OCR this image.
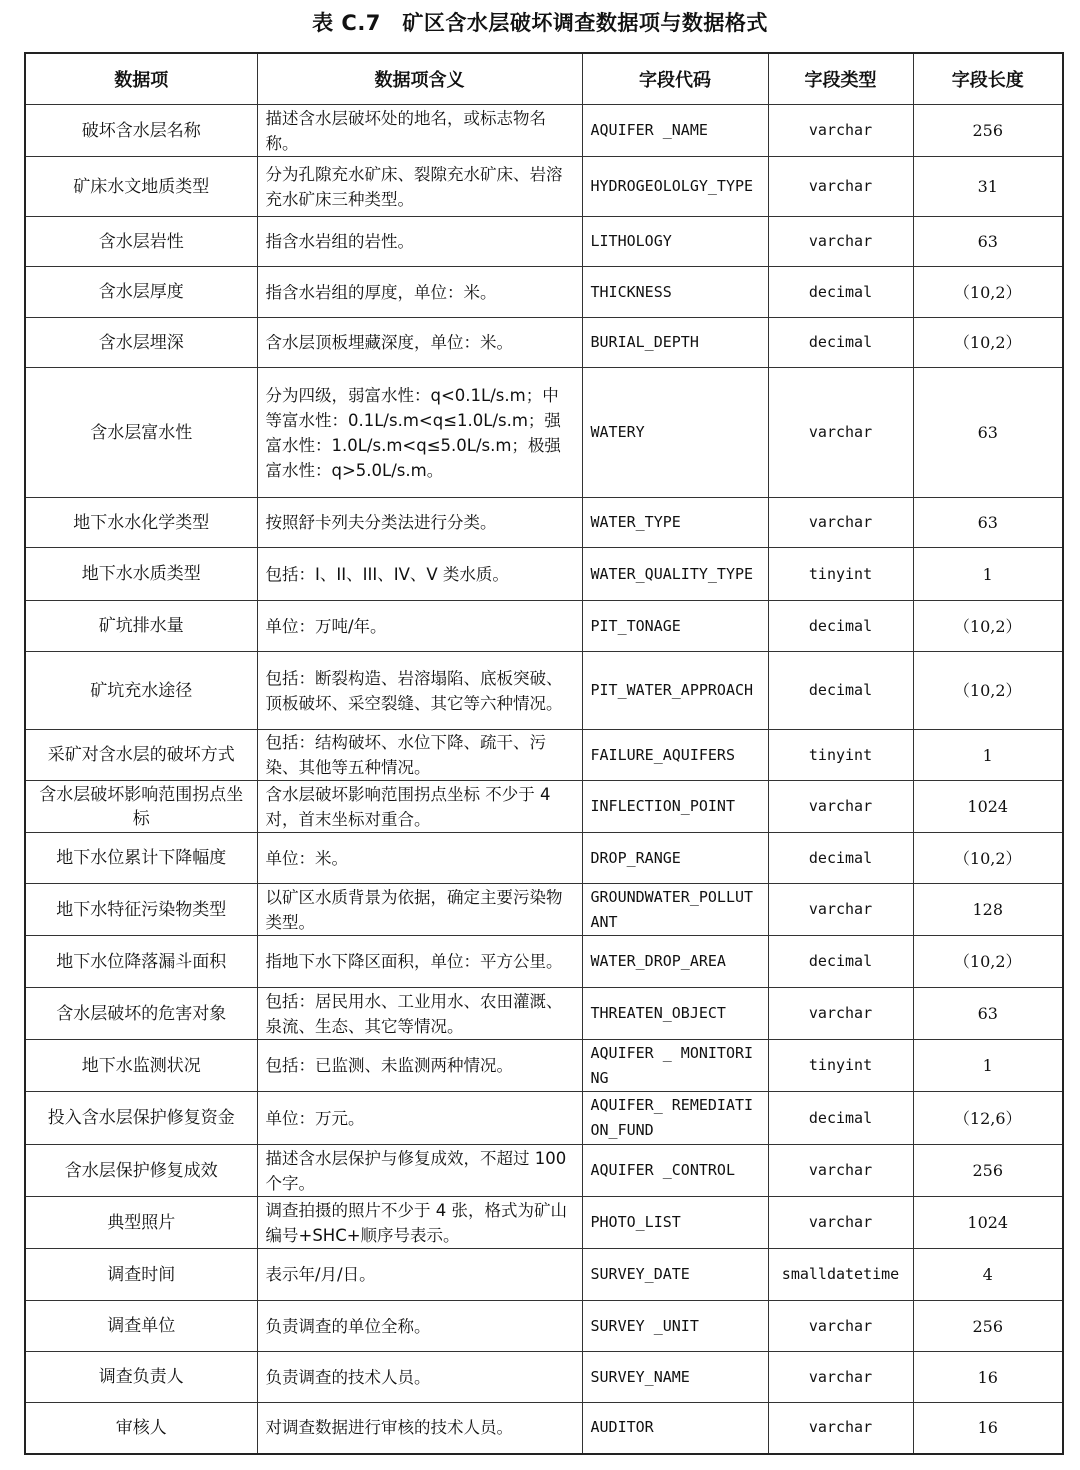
表 C.7　矿区含水层破坏调查数据项与数据格式
数据项	数据项含义	字段代码	字段类型	字段长度
破坏含水层名称	描述含水层破坏处的地名，或标志物名称。	AQUIFER _NAME	varchar	256
矿床水文地质类型	分为孔隙充水矿床、裂隙充水矿床、岩溶充水矿床三种类型。	HYDROGEOLOLGY_TYPE	varchar	31
含水层岩性	指含水岩组的岩性。	LITHOLOGY	varchar	63
含水层厚度	指含水岩组的厚度，单位：米。	THICKNESS	decimal	（10,2）
含水层埋深	含水层顶板埋藏深度，单位：米。	BURIAL_DEPTH	decimal	（10,2）
含水层富水性	分为四级，弱富水性：q<0.1L/s.m；中等富水性：0.1L/s.m<q≤1.0L/s.m；强富水性：1.0L/s.m<q≤5.0L/s.m；极强富水性：q>5.0L/s.m。	WATERY	varchar	63
地下水水化学类型	按照舒卡列夫分类法进行分类。	WATER_TYPE	varchar	63
地下水水质类型	包括：I、II、III、IV、V 类水质。	WATER_QUALITY_TYPE	tinyint	1
矿坑排水量	单位：万吨/年。	PIT_TONAGE	decimal	（10,2）
矿坑充水途径	包括：断裂构造、岩溶塌陷、底板突破、顶板破坏、采空裂缝、其它等六种情况。	PIT_WATER_APPROACH	decimal	（10,2）
采矿对含水层的破坏方式	包括：结构破坏、水位下降、疏干、污染、其他等五种情况。	FAILURE_AQUIFERS	tinyint	1
含水层破坏影响范围拐点坐标	含水层破坏影响范围拐点坐标 不少于 4 对，首末坐标对重合。	INFLECTION_POINT	varchar	1024
地下水位累计下降幅度	单位：米。	DROP_RANGE	decimal	（10,2）
地下水特征污染物类型	以矿区水质背景为依据，确定主要污染物类型。	GROUNDWATER_POLLUTANT	varchar	128
地下水位降落漏斗面积	指地下水下降区面积，单位：平方公里。	WATER_DROP_AREA	decimal	（10,2）
含水层破坏的危害对象	包括：居民用水、工业用水、农田灌溉、泉流、生态、其它等情况。	THREATEN_OBJECT	varchar	63
地下水监测状况	包括：已监测、未监测两种情况。	AQUIFER _ MONITORING	tinyint	1
投入含水层保护修复资金	单位：万元。	AQUIFER_ REMEDIATION_FUND	decimal	（12,6）
含水层保护修复成效	描述含水层保护与修复成效，不超过 100 个字。	AQUIFER _CONTROL	varchar	256
典型照片	调查拍摄的照片不少于 4 张，格式为矿山编号+SHC+顺序号表示。	PHOTO_LIST	varchar	1024
调查时间	表示年/月/日。	SURVEY_DATE	smalldatetime	4
调查单位	负责调查的单位全称。	SURVEY _UNIT	varchar	256
调查负责人	负责调查的技术人员。	SURVEY_NAME	varchar	16
审核人	对调查数据进行审核的技术人员。	AUDITOR	varchar	16
